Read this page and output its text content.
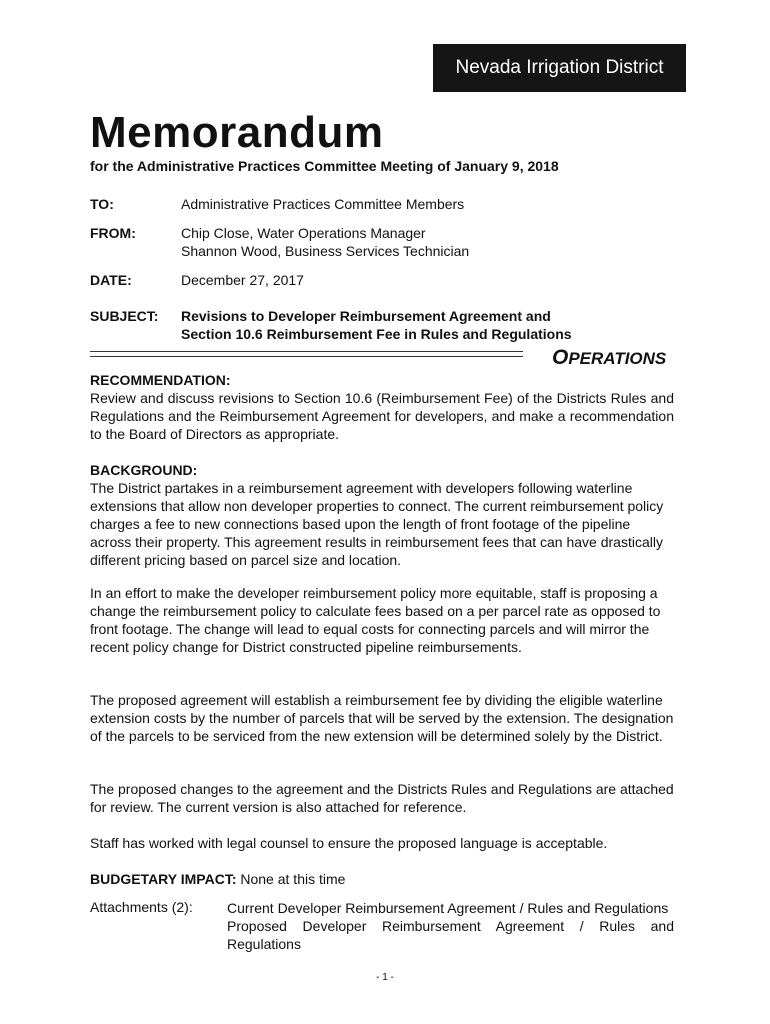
Nevada Irrigation District
Memorandum
for the Administrative Practices Committee Meeting of January 9, 2018
TO:	Administrative Practices Committee Members
FROM:	Chip Close, Water Operations Manager
Shannon Wood, Business Services Technician
DATE:	December 27, 2017
SUBJECT:	Revisions to Developer Reimbursement Agreement and
Section 10.6 Reimbursement Fee in Rules and Regulations
OPERATIONS
RECOMMENDATION:
Review and discuss revisions to Section 10.6 (Reimbursement Fee) of the Districts Rules and Regulations and the Reimbursement Agreement for developers, and make a recommendation to the Board of Directors as appropriate.
BACKGROUND:
The District partakes in a reimbursement agreement with developers following waterline extensions that allow non developer properties to connect. The current reimbursement policy charges a fee to new connections based upon the length of front footage of the pipeline across their property. This agreement results in reimbursement fees that can have drastically different pricing based on parcel size and location.
In an effort to make the developer reimbursement policy more equitable, staff is proposing a change the reimbursement policy to calculate fees based on a per parcel rate as opposed to front footage. The change will lead to equal costs for connecting parcels and will mirror the recent policy change for District constructed pipeline reimbursements.
The proposed agreement will establish a reimbursement fee by dividing the eligible waterline extension costs by the number of parcels that will be served by the extension. The designation of the parcels to be serviced from the new extension will be determined solely by the District.
The proposed changes to the agreement and the Districts Rules and Regulations are attached for review. The current version is also attached for reference.
Staff has worked with legal counsel to ensure the proposed language is acceptable.
BUDGETARY IMPACT: None at this time
Attachments (2): Current Developer Reimbursement Agreement / Rules and Regulations
Proposed Developer Reimbursement Agreement / Rules and Regulations
- 1 -
